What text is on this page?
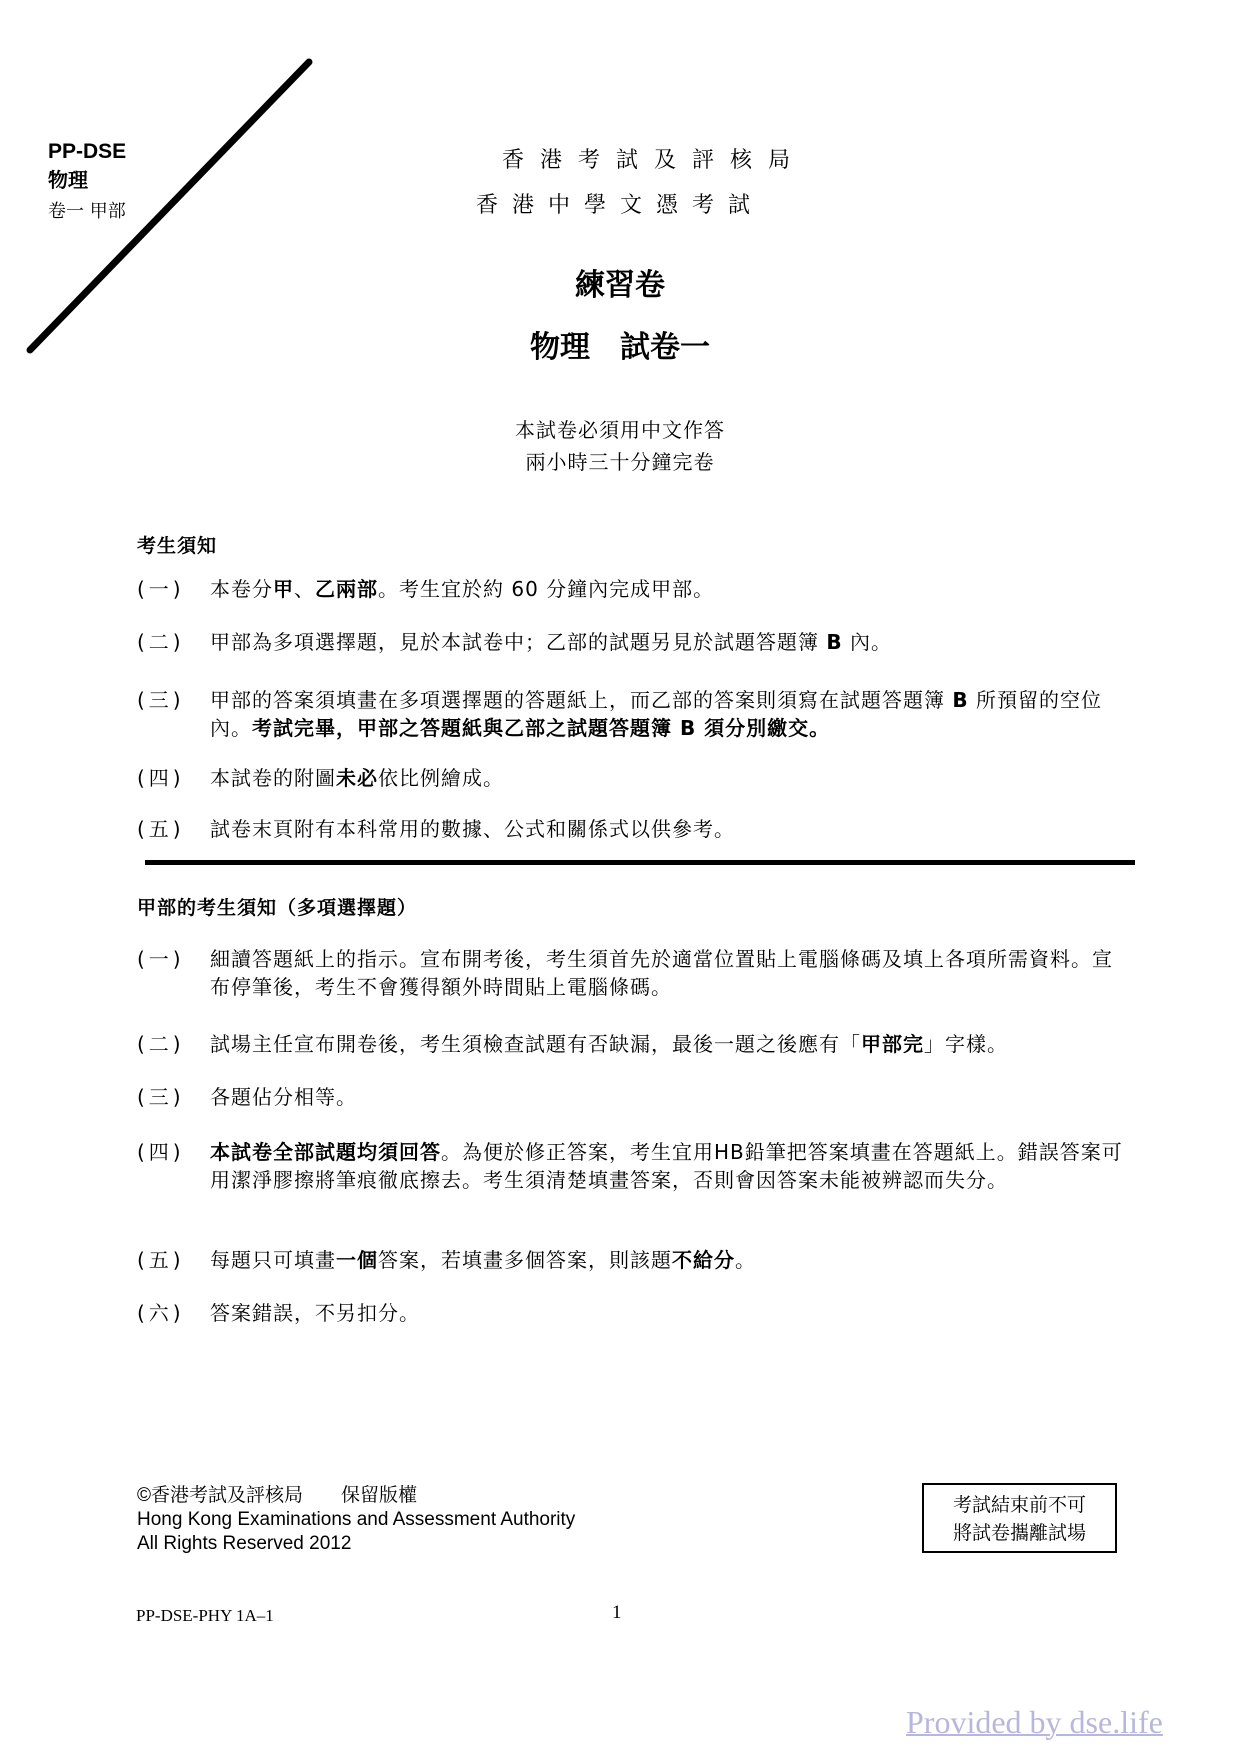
PP-DSE
物理
卷一 甲部
香港考試及評核局
香港中學文憑考試
練習卷
物理　試卷一
本試卷必須用中文作答
兩小時三十分鐘完卷
考生須知
(一)	本卷分甲、乙兩部。考生宜於約 60 分鐘內完成甲部。
(二)	甲部為多項選擇題，見於本試卷中；乙部的試題另見於試題答題簿 B 內。
(三)	甲部的答案須填畫在多項選擇題的答題紙上，而乙部的答案則須寫在試題答題簿 B 所預留的空位內。考試完畢，甲部之答題紙與乙部之試題答題簿 B 須分別繳交。
(四)	本試卷的附圖未必依比例繪成。
(五)	試卷末頁附有本科常用的數據、公式和關係式以供參考。
甲部的考生須知（多項選擇題）
(一)	細讀答題紙上的指示。宣布開考後，考生須首先於適當位置貼上電腦條碼及填上各項所需資料。宣布停筆後，考生不會獲得額外時間貼上電腦條碼。
(二)	試場主任宣布開卷後，考生須檢查試題有否缺漏，最後一題之後應有「甲部完」字樣。
(三)	各題佔分相等。
(四)	本試卷全部試題均須回答。為便於修正答案，考生宜用HB鉛筆把答案填畫在答題紙上。錯誤答案可用潔淨膠擦將筆痕徹底擦去。考生須清楚填畫答案，否則會因答案未能被辨認而失分。
(五)	每題只可填畫一個答案，若填畫多個答案，則該題不給分。
(六)	答案錯誤，不另扣分。
©香港考試及評核局　　保留版權
Hong Kong Examinations and Assessment Authority
All Rights Reserved 2012
考試結束前不可
將試卷攜離試場
PP-DSE-PHY 1A–1	1
Provided by dse.life
